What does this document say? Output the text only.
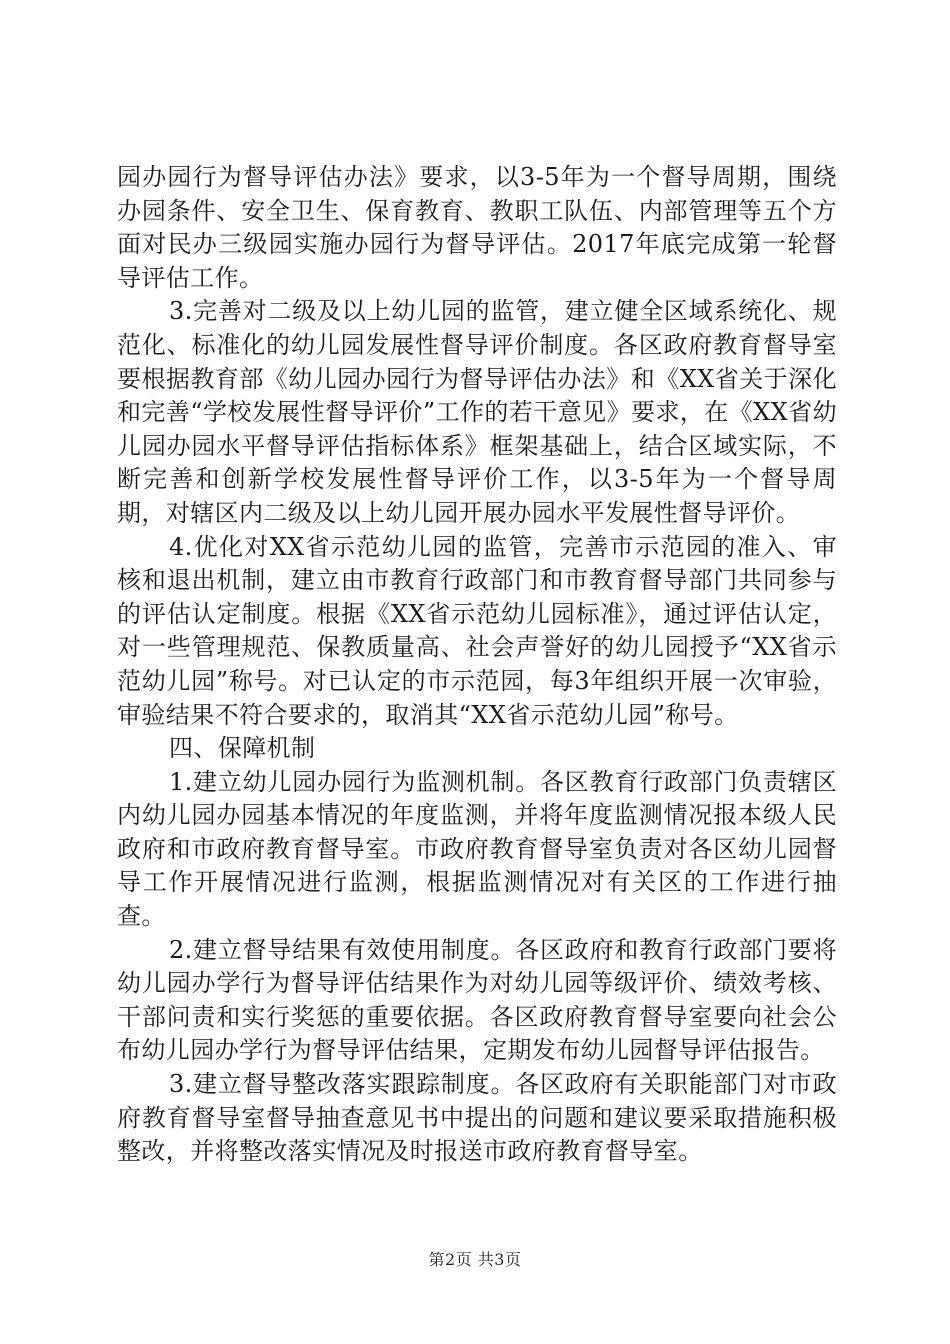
园办园行为督导评估办法》要求，以3-5年为一个督导周期，围绕办园条件、安全卫生、保育教育、教职工队伍、内部管理等五个方面对民办三级园实施办园行为督导评估。2017年底完成第一轮督导评估工作。

3.完善对二级及以上幼儿园的监管，建立健全区域系统化、规范化、标准化的幼儿园发展性督导评价制度。各区政府教育督导室要根据教育部《幼儿园办园行为督导评估办法》和《XX省关于深化和完善“学校发展性督导评价”工作的若干意见》要求，在《XX省幼儿园办园水平督导评估指标体系》框架基础上，结合区域实际，不断完善和创新学校发展性督导评价工作，以3-5年为一个督导周期，对辖区内二级及以上幼儿园开展办园水平发展性督导评价。

4.优化对XX省示范幼儿园的监管，完善市示范园的准入、审核和退出机制，建立由市教育行政部门和市教育督导部门共同参与的评估认定制度。根据《XX省示范幼儿园标准》，通过评估认定，对一些管理规范、保教质量高、社会声誉好的幼儿园授予“XX省示范幼儿园”称号。对已认定的市示范园，每3年组织开展一次审验，审验结果不符合要求的，取消其“XX省示范幼儿园”称号。

四、保障机制

1.建立幼儿园办园行为监测机制。各区教育行政部门负责辖区内幼儿园办园基本情况的年度监测，并将年度监测情况报本级人民政府和市政府教育督导室。市政府教育督导室负责对各区幼儿园督导工作开展情况进行监测，根据监测情况对有关区的工作进行抽查。

2.建立督导结果有效使用制度。各区政府和教育行政部门要将幼儿园办学行为督导评估结果作为对幼儿园等级评价、绩效考核、干部问责和实行奖惩的重要依据。各区政府教育督导室要向社会公布幼儿园办学行为督导评估结果，定期发布幼儿园督导评估报告。

3.建立督导整改落实跟踪制度。各区政府有关职能部门对市政府教育督导室督导抽查意见书中提出的问题和建议要采取措施积极整改，并将整改落实情况及时报送市政府教育督导室。

第2页 共3页
